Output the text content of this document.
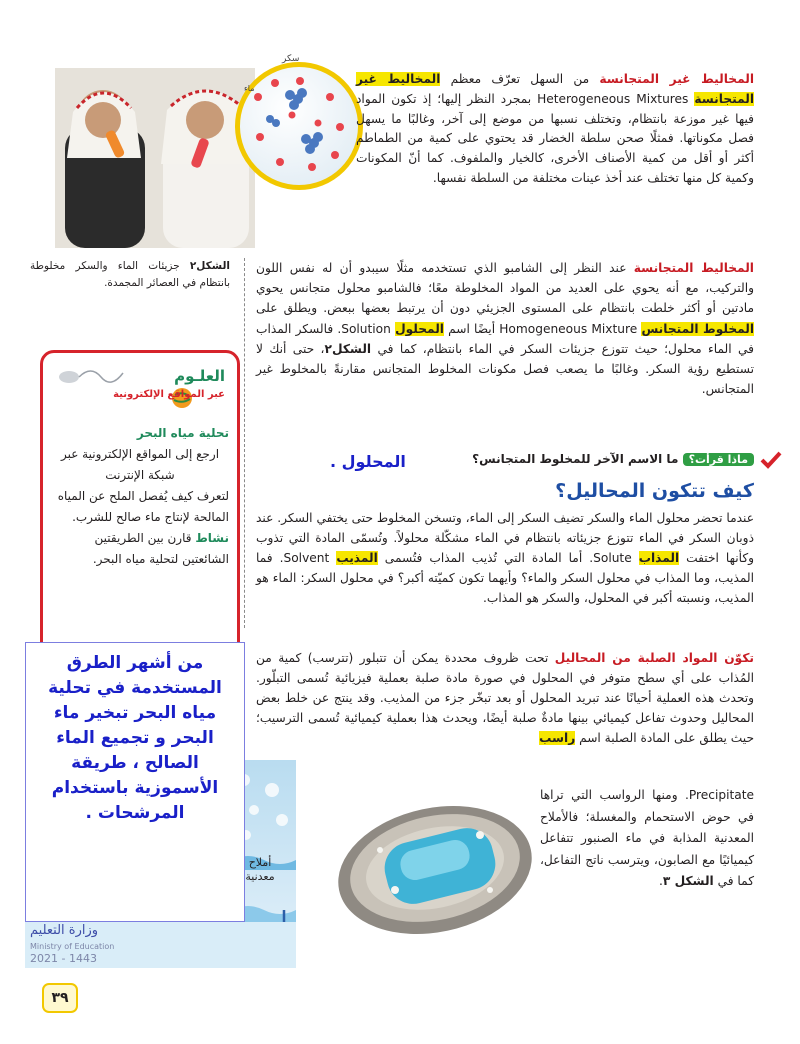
سكر
ماء
المخاليط غير المتجانسة من السهل تعرّف معظم المخاليط غير المتجانسة Heterogeneous Mixtures بمجرد النظر إليها؛ إذ تكون المواد فيها غير موزعة بانتظام، وتختلف نسبها من موضع إلى آخر، وغالبًا ما يسهل فصل مكوناتها. فمثلًا صحن سلطة الخضار قد يحتوي على كمية من الطماطم أكثر أو أقل من كمية الأصناف الأخرى، كالخيار والملفوف. كما أنّ المكونات وكمية كل منها تختلف عند أخذ عينات مختلفة من السلطة نفسها.
الشكل٢ جزيئات الماء والسكر مخلوطة بانتظام في العصائر المجمدة.
المخاليط المتجانسة عند النظر إلى الشامبو الذي تستخدمه مثلًا سيبدو أن له نفس اللون والتركيب، مع أنه يحوي على العديد من المواد المخلوطة معًا؛ فالشامبو محلول متجانس يحوي مادتين أو أكثر خلطت بانتظام على المستوى الجزيئي دون أن يرتبط بعضها ببعض. ويطلق على المخلوط المتجانس Homogeneous Mixture أيضًا اسم المحلول Solution. فالسكر المذاب في الماء محلول؛ حيث تتوزع جزيئات السكر في الماء بانتظام، كما في الشكل٢، حتى أنك لا تستطيع رؤية السكر. وغالبًا ما يصعب فصل مكونات المخلوط المتجانس مقارنةً بالمخلوط غير المتجانس.
ماذا قرأت؟ ما الاسم الآخر للمخلوط المتجانس؟
المحلول .
كيف تتكون المحاليل؟
عندما تحضر محلول الماء والسكر تضيف السكر إلى الماء، وتسخن المخلوط حتى يختفي السكر. عند ذوبان السكر في الماء تتوزع جزيئاته بانتظام في الماء مشكّلة محلولاً. وتُسمّى المادة التي تذوب وكأنها اختفت المذاب Solute. أما المادة التي تُذيب المذاب فتُسمى المذيب Solvent. فما المذيب، وما المذاب في محلول السكر والماء؟ وأيهما تكون كميّته أكبر؟ في محلول السكر: الماء هو المذيب، ونسبته أكبر في المحلول، والسكر هو المذاب.
تكوّن المواد الصلبة من المحاليل تحت ظروف محددة يمكن أن تتبلور (تترسب) كمية من المُذاب على أي سطح متوفر في المحلول في صورة مادة صلبة بعملية فيزيائية تُسمى التبلّور. وتحدث هذه العملية أحيانًا عند تبريد المحلول أو بعد تبخّر جزء من المذيب. وقد ينتج عن خلط بعض المحاليل وحدوث تفاعل كيميائي بينها مادةٌ صلبة أيضًا، ويحدث هذا بعملية كيميائية تُسمى الترسيب؛ حيث يطلق على المادة الصلبة اسم راسب
Precipitate. ومنها الرواسب التي تراها في حوض الاستحمام والمغسلة؛ فالأملاح المعدنية المذابة في ماء الصنبور تتفاعل كيميائيًا مع الصابون، ويترسب ناتج التفاعل، كما في الشكل ٣.
العلـوم
عبر المواقع الإلكترونية
تحلية مياه البحر
ارجع إلى المواقع الإلكترونية عبر شبكة الإنترنت
لتعرف كيف يُفصل الملح عن المياه المالحة لإنتاج ماء صالح للشرب.
نشاط قارن بين الطريقتين الشائعتين لتحلية مياه البحر.
أملاح معدنية
من أشهر الطرق المستخدمة في تحلية مياه البحر تبخير ماء البحر و تجميع الماء الصالح ، طريقة الأسموزية باستخدام المرشحات .
وزارة التعليم
Ministry of Education
2021 - 1443
٣٩
